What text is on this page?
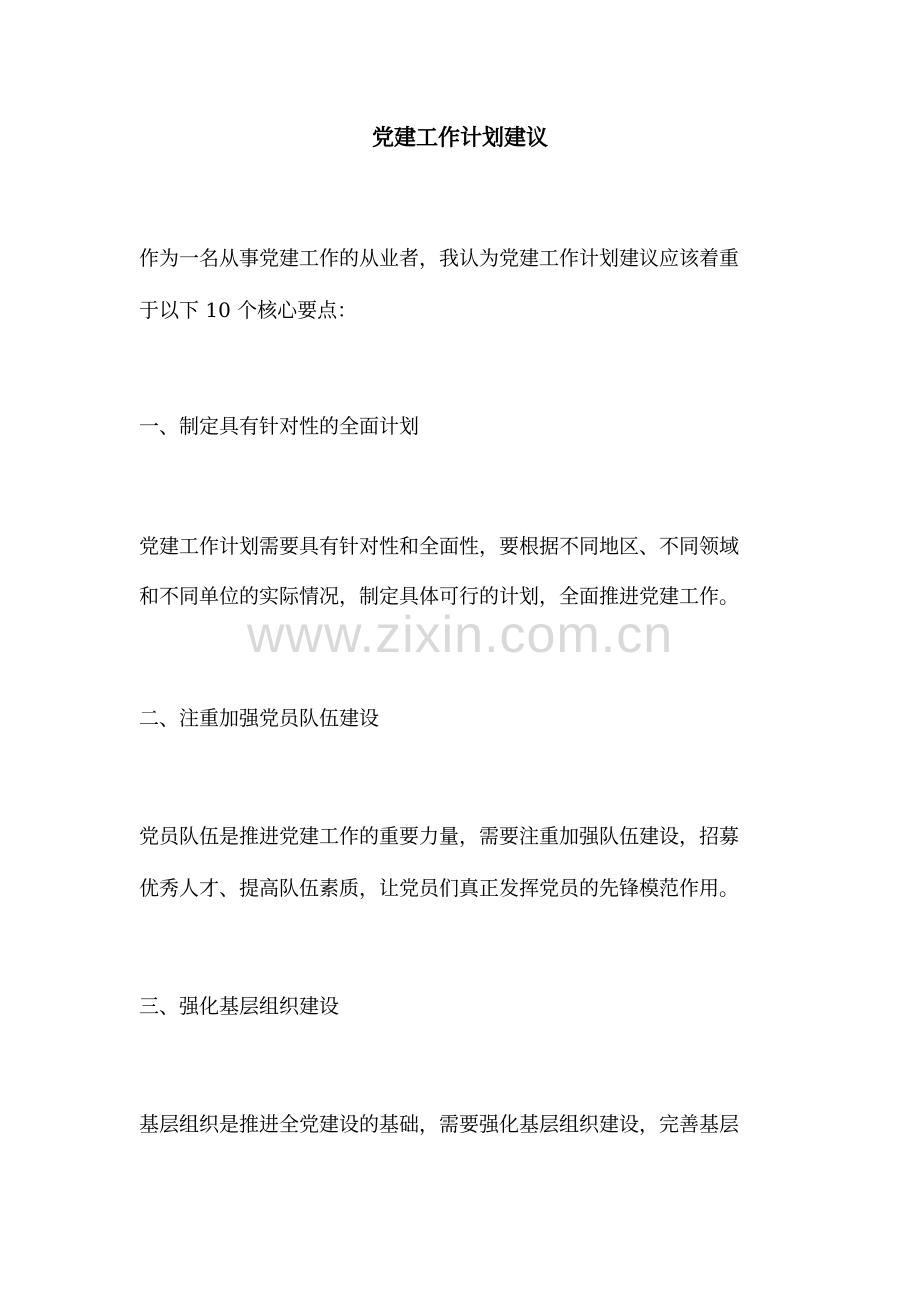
党建工作计划建议
作为一名从事党建工作的从业者，我认为党建工作计划建议应该着重
于以下 10 个核心要点：
一、制定具有针对性的全面计划
党建工作计划需要具有针对性和全面性，要根据不同地区、不同领域
和不同单位的实际情况，制定具体可行的计划，全面推进党建工作。
www.zixin.com.cn
二、注重加强党员队伍建设
党员队伍是推进党建工作的重要力量，需要注重加强队伍建设，招募
优秀人才、提高队伍素质，让党员们真正发挥党员的先锋模范作用。
三、强化基层组织建设
基层组织是推进全党建设的基础，需要强化基层组织建设，完善基层
